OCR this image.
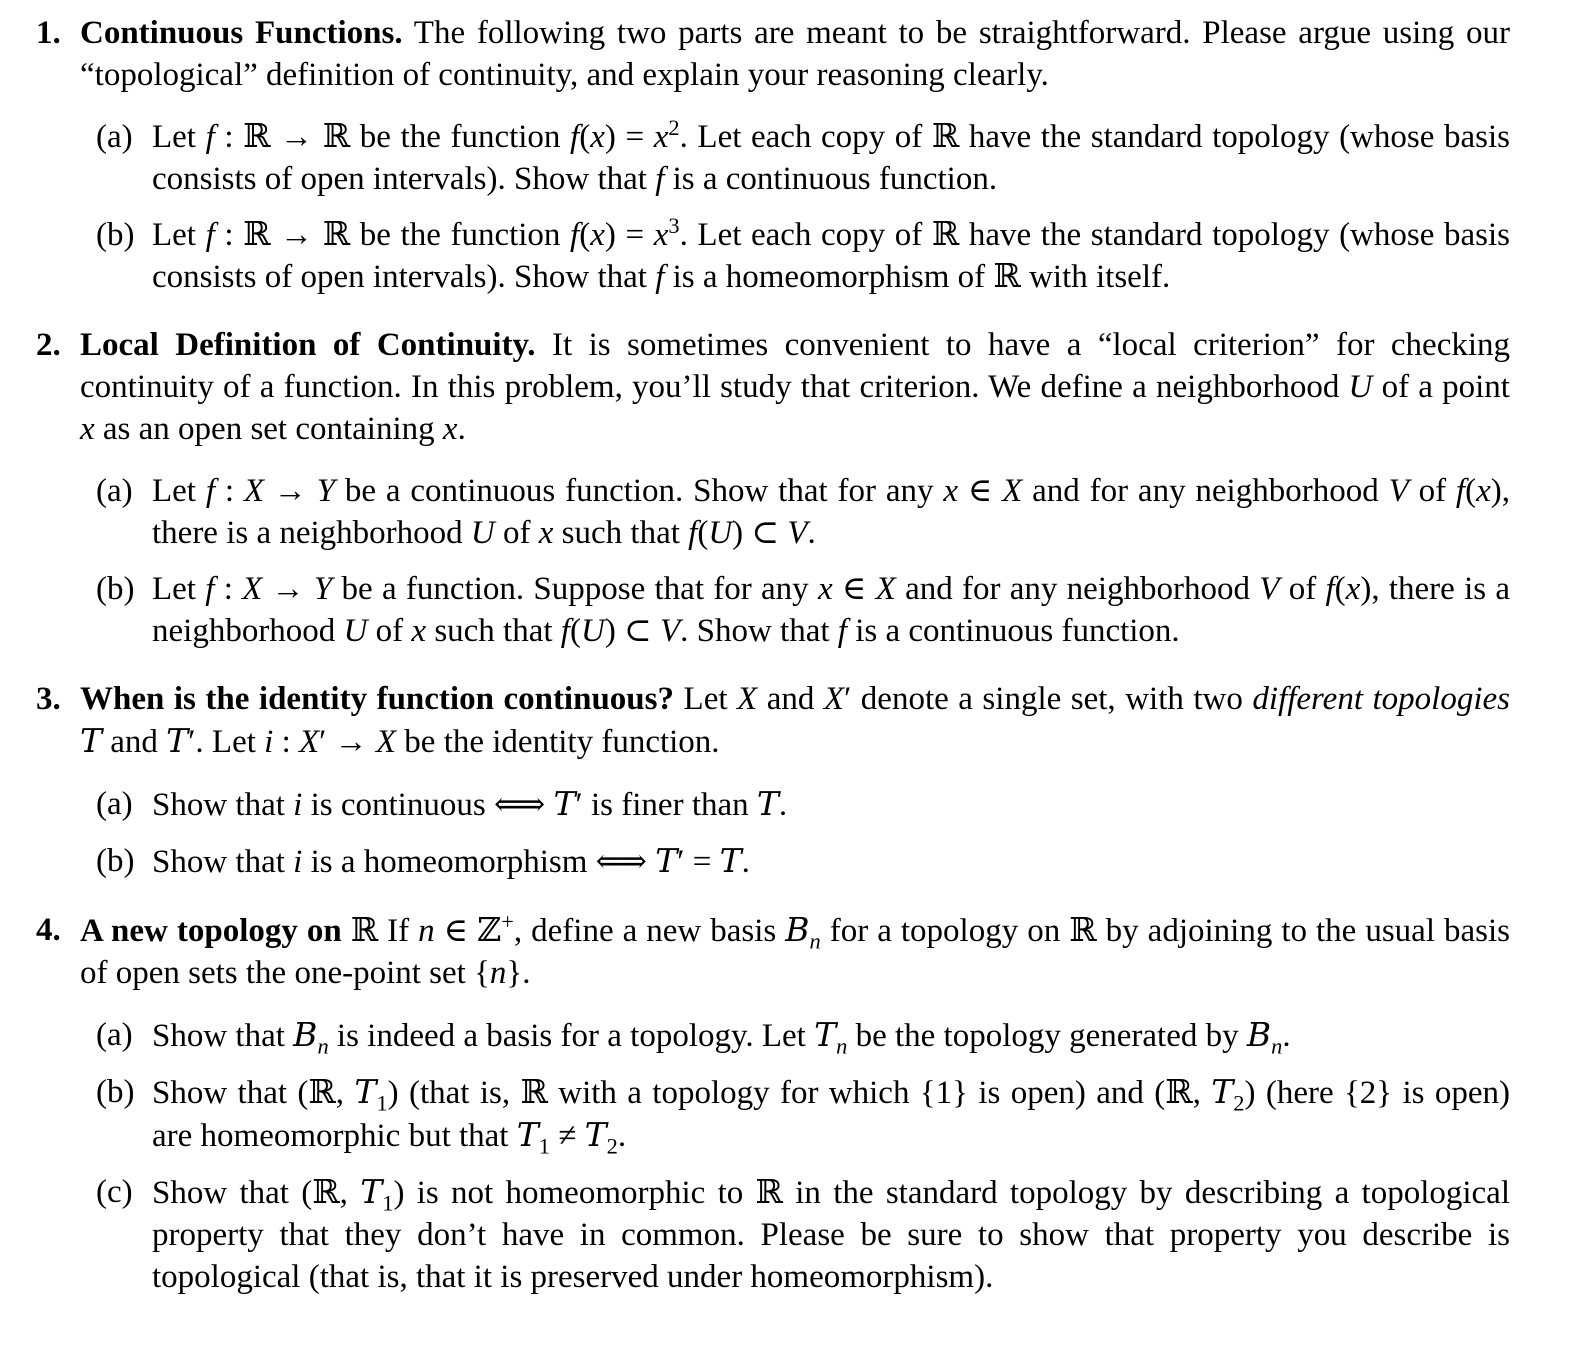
1. Continuous Functions. The following two parts are meant to be straightforward. Please argue using our “topological” definition of continuity, and explain your reasoning clearly.

(a) Let f : ℝ → ℝ be the function $f(x) = x^2$. Let each copy of ℝ have the standard topology (whose basis consists of open intervals). Show that f is a continuous function.
(b) Let f : ℝ → ℝ be the function $f(x) = x^3$. Let each copy of ℝ have the standard topology (whose basis consists of open intervals). Show that f is a homeomorphism of ℝ with itself.
2. Local Definition of Continuity. It is sometimes convenient to have a “local criterion” for checking continuity of a function. In this problem, you’ll study that criterion. We define a neighborhood U of a point x as an open set containing x.

(a) Let f : X → Y be a continuous function. Show that for any x ∈ X and for any neighborhood V of f(x), there is a neighborhood U of x such that f(U) ⊂ V.
(b) Let f : X → Y be a function. Suppose that for any x ∈ X and for any neighborhood V of f(x), there is a neighborhood U of x such that f(U) ⊂ V. Show that f is a continuous function.
3. When is the identity function continuous? Let X and X′ denote a single set, with two different topologies T and T′. Let i : X′ → X be the identity function.

(a) Show that i is continuous ⇐⇒ T′ is finer than T.
(b) Show that i is a homeomorphism ⇐⇒ T′ = T.
4. A new topology on ℝ If n ∈ ℤ+, define a new basis $B_n$ for a topology on ℝ by adjoining to the usual basis of open sets the one-point set {n}.

(a) Show that $B_n$ is indeed a basis for a topology. Let $T_n$ be the topology generated by $B_n$.
(b) Show that (ℝ, $T_1$) (that is, ℝ with a topology for which {1} is open) and (ℝ, $T_2$) (here {2} is open) are homeomorphic but that $T_1 \ne T_2$.
(c) Show that (ℝ, $T_1$) is not homeomorphic to ℝ in the standard topology by describing a topological property that they don’t have in common. Please be sure to show that property you describe is topological (that is, that it is preserved under homeomorphism).
